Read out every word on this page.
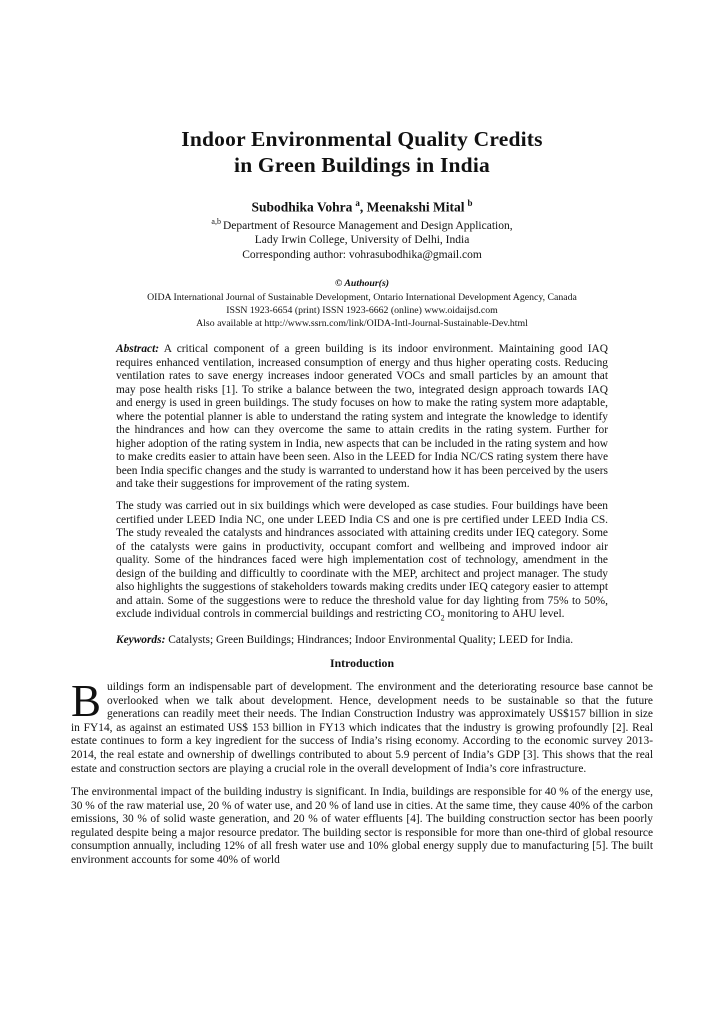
Indoor Environmental Quality Credits
in Green Buildings in India
Subodhika Vohra $^a$, Meenakshi Mital $^b$
$^{a,b}$ Department of Resource Management and Design Application,
Lady Irwin College, University of Delhi, India
Corresponding author: vohrasubodhika@gmail.com
© Authour(s)
OIDA International Journal of Sustainable Development, Ontario International Development Agency, Canada
ISSN 1923-6654 (print) ISSN 1923-6662 (online) www.oidaijsd.com
Also available at http://www.ssrn.com/link/OIDA-Intl-Journal-Sustainable-Dev.html

Abstract: A critical component of a green building is its indoor environment. Maintaining good IAQ requires enhanced ventilation, increased consumption of energy and thus higher operating costs. Reducing ventilation rates to save energy increases indoor generated VOCs and small particles by an amount that may pose health risks [1]. To strike a balance between the two, integrated design approach towards IAQ and energy is used in green buildings. The study focuses on how to make the rating system more adaptable, where the potential planner is able to understand the rating system and integrate the knowledge to identify the hindrances and how can they overcome the same to attain credits in the rating system. Further for higher adoption of the rating system in India, new aspects that can be included in the rating system and how to make credits easier to attain have been seen. Also in the LEED for India NC/CS rating system there have been India specific changes and the study is warranted to understand how it has been perceived by the users and take their suggestions for improvement of the rating system.

The study was carried out in six buildings which were developed as case studies. Four buildings have been certified under LEED India NC, one under LEED India CS and one is pre certified under LEED India CS. The study revealed the catalysts and hindrances associated with attaining credits under IEQ category. Some of the catalysts were gains in productivity, occupant comfort and wellbeing and improved indoor air quality. Some of the hindrances faced were high implementation cost of technology, amendment in the design of the building and difficultly to coordinate with the MEP, architect and project manager. The study also highlights the suggestions of stakeholders towards making credits under IEQ category easier to attempt and attain. Some of the suggestions were to reduce the threshold value for day lighting from 75% to 50%, exclude individual controls in commercial buildings and restricting $CO_2$ monitoring to AHU level.

Keywords: Catalysts; Green Buildings; Hindrances; Indoor Environmental Quality; LEED for India.

Introduction

Buildings form an indispensable part of development. The environment and the deteriorating resource base cannot be overlooked when we talk about development. Hence, development needs to be sustainable so that the future generations can readily meet their needs. The Indian Construction Industry was approximately US$157 billion in size in FY14, as against an estimated US$ 153 billion in FY13 which indicates that the industry is growing profoundly [2]. Real estate continues to form a key ingredient for the success of India’s rising economy. According to the economic survey 2013-2014, the real estate and ownership of dwellings contributed to about 5.9 percent of India’s GDP [3]. This shows that the real estate and construction sectors are playing a crucial role in the overall development of India’s core infrastructure.

The environmental impact of the building industry is significant. In India, buildings are responsible for 40 % of the energy use, 30 % of the raw material use, 20 % of water use, and 20 % of land use in cities. At the same time, they cause 40% of the carbon emissions, 30 % of solid waste generation, and 20 % of water effluents [4]. The building construction sector has been poorly regulated despite being a major resource predator. The building sector is responsible for more than one-third of global resource consumption annually, including 12% of all fresh water use and 10% global energy supply due to manufacturing [5]. The built environment accounts for some 40% of world
